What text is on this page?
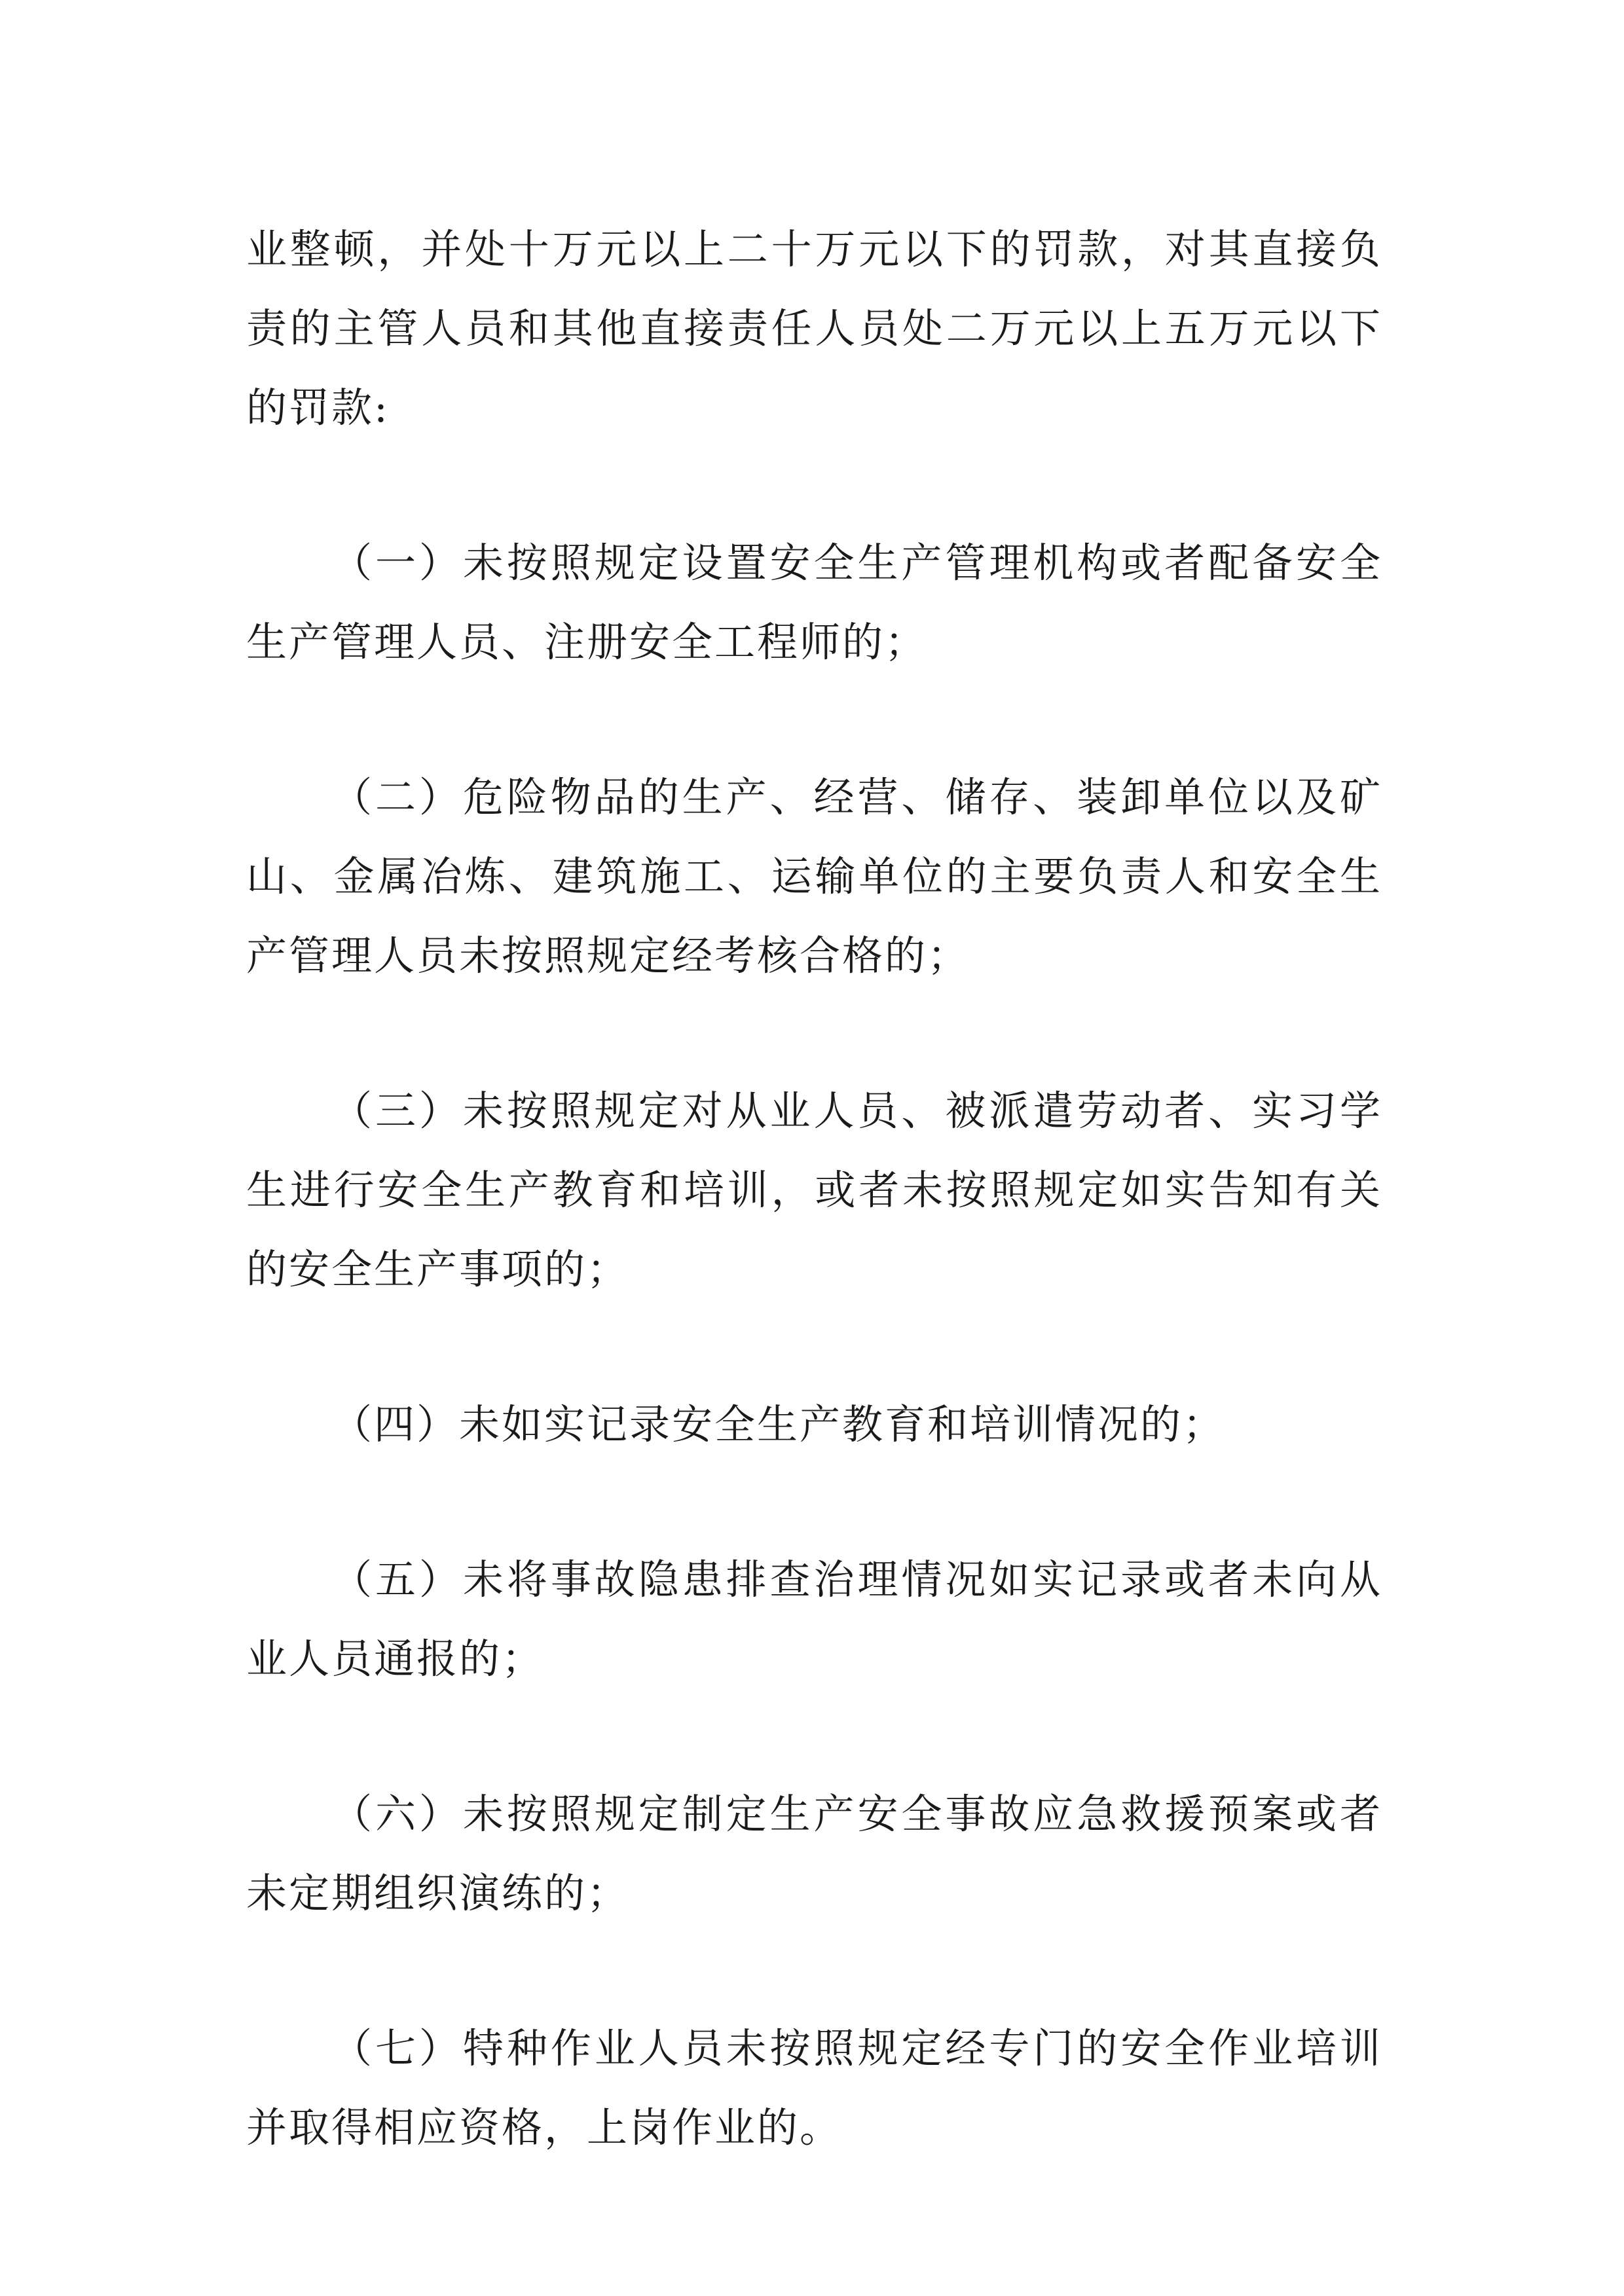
业整顿，并处十万元以上二十万元以下的罚款，对其直接负责的主管人员和其他直接责任人员处二万元以上五万元以下的罚款:

（一）未按照规定设置安全生产管理机构或者配备安全生产管理人员、注册安全工程师的；

（二）危险物品的生产、经营、储存、装卸单位以及矿山、金属冶炼、建筑施工、运输单位的主要负责人和安全生产管理人员未按照规定经考核合格的；

（三）未按照规定对从业人员、被派遣劳动者、实习学生进行安全生产教育和培训，或者未按照规定如实告知有关的安全生产事项的；

（四）未如实记录安全生产教育和培训情况的；

（五）未将事故隐患排查治理情况如实记录或者未向从业人员通报的；

（六）未按照规定制定生产安全事故应急救援预案或者未定期组织演练的；

（七）特种作业人员未按照规定经专门的安全作业培训并取得相应资格，上岗作业的。
